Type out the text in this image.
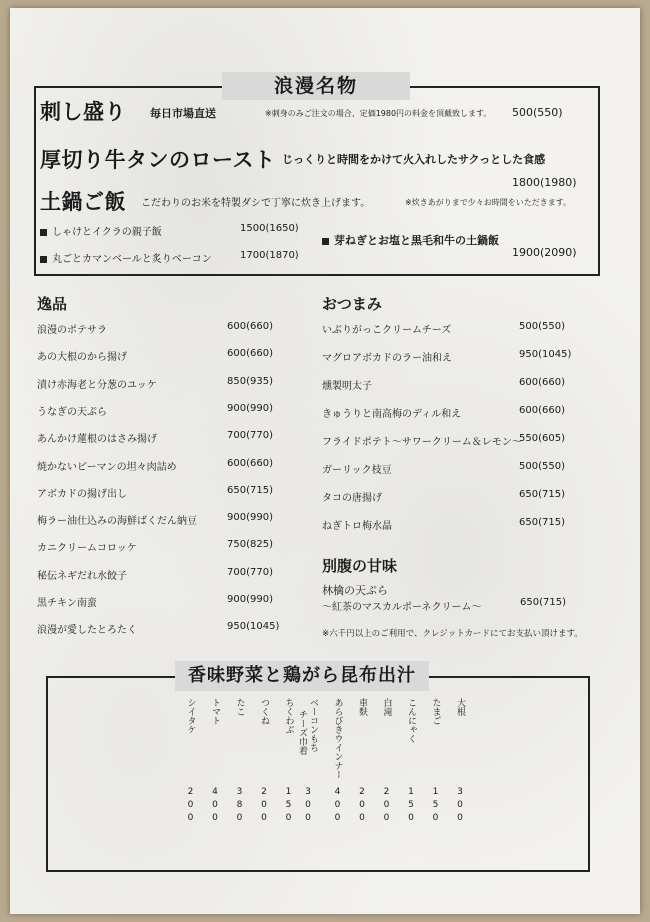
浪漫名物
刺し盛り 毎日市場直送	※刺身のみご注文の場合、定価1980円の料金を頂戴致します。 500(550)
厚切り牛タンのロースト じっくりと時間をかけて火入れしたサクっとした食感
1800(1980)
土鍋ご飯 こだわりのお米を特製ダシで丁寧に炊き上げます。	※炊きあがりまで少々お時間をいただきます。
しゃけとイクラの親子飯	1500(1650)
丸ごとカマンベールと炙りベーコン	1700(1870)
芽ねぎとお塩と黒毛和牛の土鍋飯
1900(2090)
逸品
浪漫のポテサラ	600(660)
あの大根のから揚げ	600(660)
漬け赤海老と分葱のユッケ	850(935)
うなぎの天ぷら	900(990)
あんかけ蓮根のはさみ揚げ	700(770)
焼かないピーマンの坦々肉詰め	600(660)
アボカドの揚げ出し	650(715)
梅ラー油仕込みの海鮮ばくだん納豆	900(990)
カニクリームコロッケ	750(825)
秘伝ネギだれ水餃子	700(770)
黒チキン南蛮	900(990)
浪漫が愛したとろたく	950(1045)
おつまみ
いぶりがっこクリームチーズ	500(550)
マグロアボカドのラー油和え	950(1045)
燻製明太子	600(660)
きゅうりと南高梅のディル和え	600(660)
フライドポテト～サワークリーム＆レモン～
550(605)
ガーリック枝豆	500(550)
タコの唐揚げ	650(715)
ねぎトロ梅水晶	650(715)
別腹の甘味
林檎の天ぷら
～紅茶のマスカルポーネクリーム～	650(715)
※六千円以上のご利用で、クレジットカードにてお支払い頂けます。
香味野菜と鶏がら昆布出汁
大根
300
たまご
150
こんにゃく
150
白滝
200
車麩
200
あらびきウインナー
400
ベーコンもち
チーズ巾着
300
ちくわぶ
150
つくね
200
たこ
380
トマト
400
シイタケ
200
